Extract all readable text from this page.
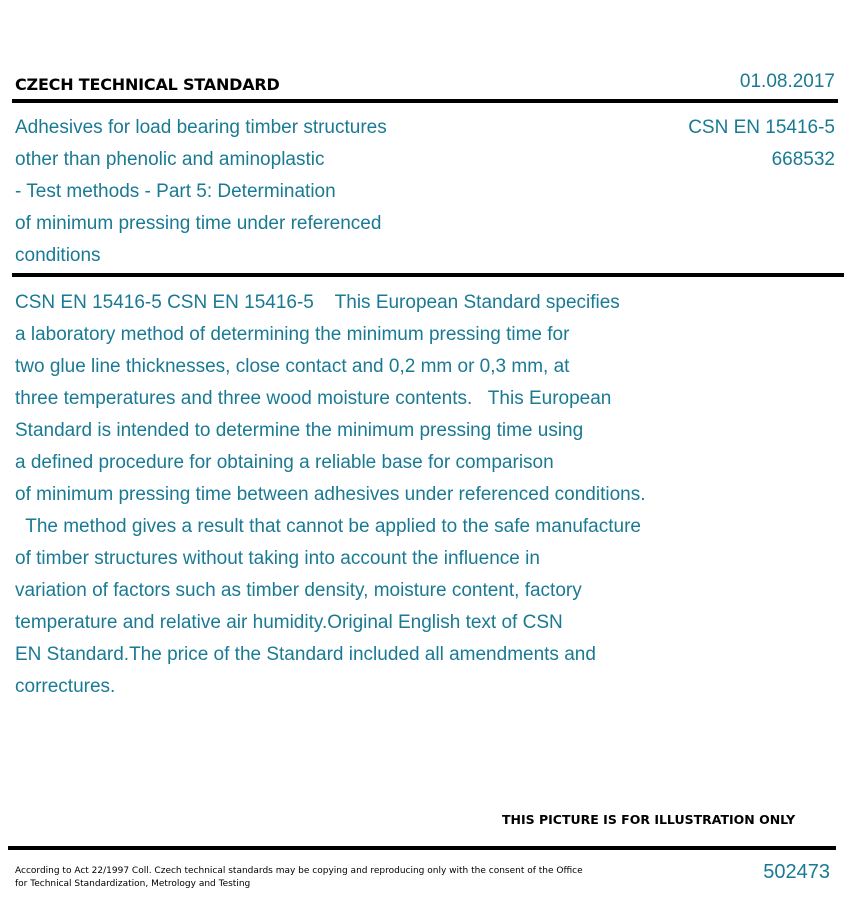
CZECH TECHNICAL STANDARD	01.08.2017
Adhesives for load bearing timber structures
other than phenolic and aminoplastic
- Test methods - Part 5: Determination
of minimum pressing time under referenced
conditions
CSN EN 15416-5
668532
CSN EN 15416-5 CSN EN 15416-5    This European Standard specifies
a laboratory method of determining the minimum pressing time for
two glue line thicknesses, close contact and 0,2 mm or 0,3 mm, at
three temperatures and three wood moisture contents.   This European
Standard is intended to determine the minimum pressing time using
a defined procedure for obtaining a reliable base for comparison
of minimum pressing time between adhesives under referenced conditions.
The method gives a result that cannot be applied to the safe manufacture
of timber structures without taking into account the influence in
variation of factors such as timber density, moisture content, factory
temperature and relative air humidity.Original English text of CSN
EN Standard.The price of the Standard included all amendments and
correctures.
THIS PICTURE IS FOR ILLUSTRATION ONLY
According to Act 22/1997 Coll. Czech technical standards may be copying and reproducing only with the consent of the Office
for Technical Standardization, Metrology and Testing
502473
